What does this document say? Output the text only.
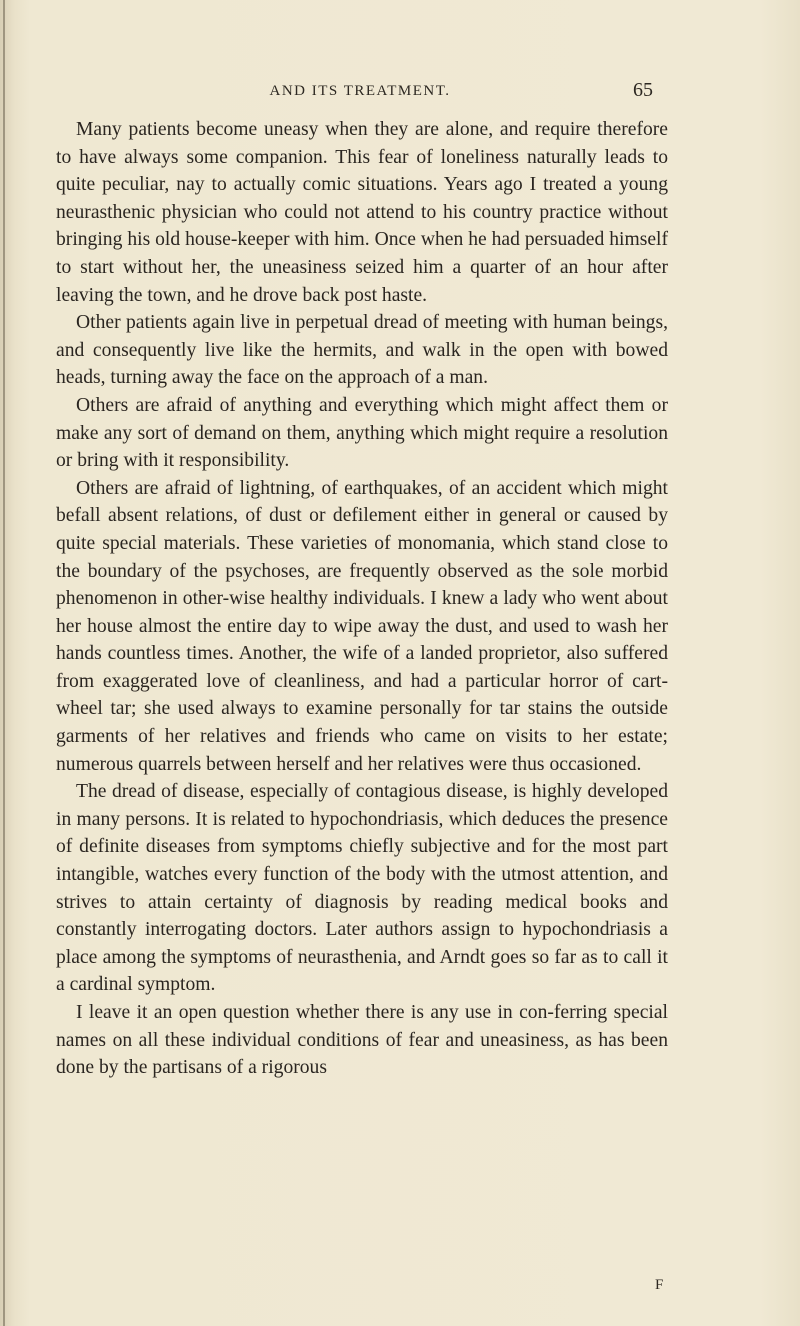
AND ITS TREATMENT.	65

Many patients become uneasy when they are alone, and require therefore to have always some companion. This fear of loneliness naturally leads to quite peculiar, nay to actually comic situations. Years ago I treated a young neurasthenic physician who could not attend to his country practice without bringing his old house-keeper with him. Once when he had persuaded himself to start without her, the uneasiness seized him a quarter of an hour after leaving the town, and he drove back post haste.

Other patients again live in perpetual dread of meeting with human beings, and consequently live like the hermits, and walk in the open with bowed heads, turning away the face on the approach of a man.

Others are afraid of anything and everything which might affect them or make any sort of demand on them, anything which might require a resolution or bring with it responsibility.

Others are afraid of lightning, of earthquakes, of an accident which might befall absent relations, of dust or defilement either in general or caused by quite special materials. These varieties of monomania, which stand close to the boundary of the psychoses, are frequently observed as the sole morbid phenomenon in other-wise healthy individuals. I knew a lady who went about her house almost the entire day to wipe away the dust, and used to wash her hands countless times. Another, the wife of a landed proprietor, also suffered from exaggerated love of cleanliness, and had a particular horror of cart-wheel tar; she used always to examine personally for tar stains the outside garments of her relatives and friends who came on visits to her estate; numerous quarrels between herself and her relatives were thus occasioned.

The dread of disease, especially of contagious disease, is highly developed in many persons. It is related to hypochondriasis, which deduces the presence of definite diseases from symptoms chiefly subjective and for the most part intangible, watches every function of the body with the utmost attention, and strives to attain certainty of diagnosis by reading medical books and constantly interrogating doctors. Later authors assign to hypochondriasis a place among the symptoms of neurasthenia, and Arndt goes so far as to call it a cardinal symptom.

I leave it an open question whether there is any use in con-ferring special names on all these individual conditions of fear and uneasiness, as has been done by the partisans of a rigorous

F
